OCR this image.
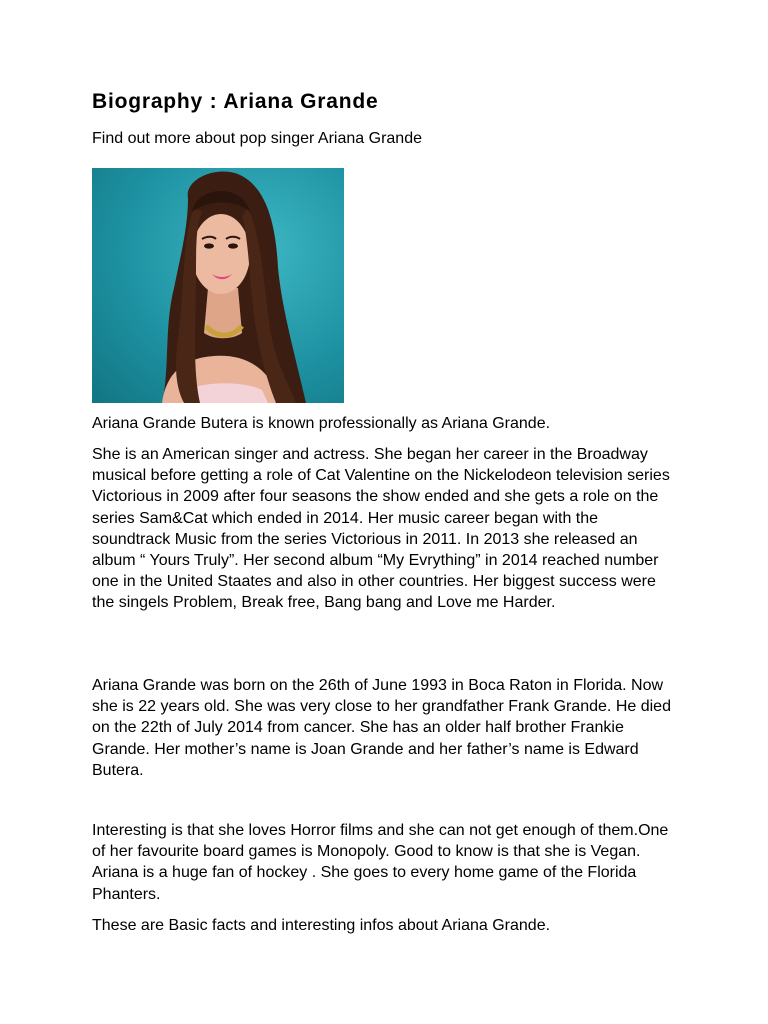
Biography : Ariana Grande

Find out more about pop singer Ariana Grande

Ariana Grande Butera is known professionally as Ariana Grande.

She is an American singer and actress. She began her career in the Broadway musical before getting a role of Cat Valentine on the Nickelodeon television series Victorious in 2009 after four seasons the show ended and she gets a role on the series Sam&Cat which ended in 2014. Her music career began with the soundtrack Music from the series Victorious in 2011. In 2013 she released an album “ Yours Truly”. Her second album “My Evrything” in 2014 reached number one in the United Staates and also in other countries. Her biggest success were the singels Problem, Break free, Bang bang and Love me Harder.

Ariana Grande was born on the 26th of June 1993 in Boca Raton in Florida. Now she is 22 years old. She was very close to her grandfather Frank Grande. He died on the 22th of July 2014 from cancer. She has an older half brother Frankie Grande. Her mother’s name is Joan Grande and her father’s name is Edward Butera.

Interesting is that she loves Horror films and she can not get enough of them.One of her favourite board games is Monopoly. Good to know is that she is Vegan. Ariana is a huge fan of hockey . She goes to every home game of the Florida Phanters.

These are Basic facts and interesting infos about Ariana Grande.
